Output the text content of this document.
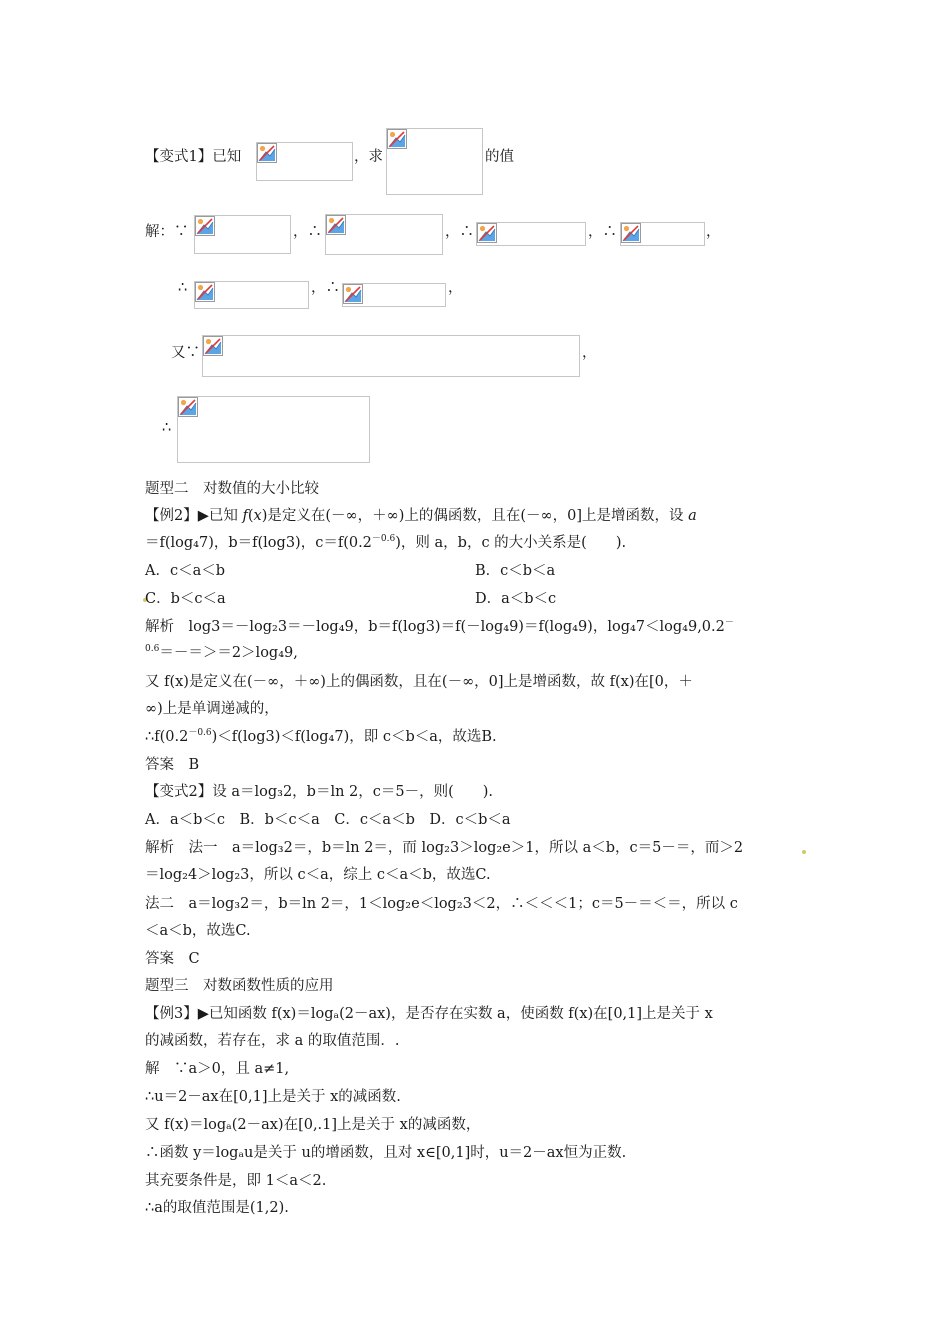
【变式1】已知	，求	的值
解：∵	，∴	，∴	，∴	，
∴	，∴	，
又∵	，
∴
题型二　对数值的大小比较
【例2】▶已知 f(x)是定义在(－∞，＋∞)上的偶函数，且在(－∞，0]上是增函数，设 a
＝f(log₄7)，b＝f(log3)，$c=f(0.2^{-0.6})$，则 a，b，c 的大小关系是(　　).
A．c＜a＜b	B．c＜b＜a
C．b＜c＜a	D．a＜b＜c
解析　log3＝－log₂3＝－log₄9，b＝f(log3)＝f(－log₄9)＝f(log₄9)，log₄7＜log₄9,0.2－
$^{0.6}$＝－＝＞＝2＞log₄9,
又 f(x)是定义在(－∞，＋∞)上的偶函数，且在(－∞，0]上是增函数，故 f(x)在[0，＋
∞)上是单调递减的，
$\therefore f(0.2^{-0.6})<f(\log 3)<f(\log_47)$，即 c＜b＜a，故选B.
答案　B
【变式2】设 a＝log₃2，b＝ln 2，c＝5－，则(　　).
A．a＜b＜c　B．b＜c＜a　C．c＜a＜b　D．c＜b＜a
解析　法一　a＝log₃2＝，b＝ln 2＝，而 log₂3＞log₂e＞1，所以 a＜b，c＝5－＝，而＞2
＝log₂4＞log₂3，所以 c＜a，综上 c＜a＜b，故选C.
法二　a＝log₃2＝，b＝ln 2＝，1＜log₂e＜log₂3＜2，∴＜＜＜1；c＝5－＝＜＝，所以 c
＜a＜b，故选C.
答案　C
题型三　对数函数性质的应用
【例3】▶已知函数 f(x)＝logₐ(2－ax)，是否存在实数 a，使函数 f(x)在[0,1]上是关于 x
的减函数，若存在，求 a 的取值范围．.
解　∵a＞0，且 a≠1,
∴u＝2－ax在[0,1]上是关于 x的减函数.
又 f(x)＝logₐ(2－ax)在[0,.1]上是关于 x的减函数，
∴函数 y＝logₐu是关于 u的增函数，且对 x∈[0,1]时，u＝2－ax恒为正数.
其充要条件是，即 1＜a＜2.
∴a的取值范围是(1,2).
